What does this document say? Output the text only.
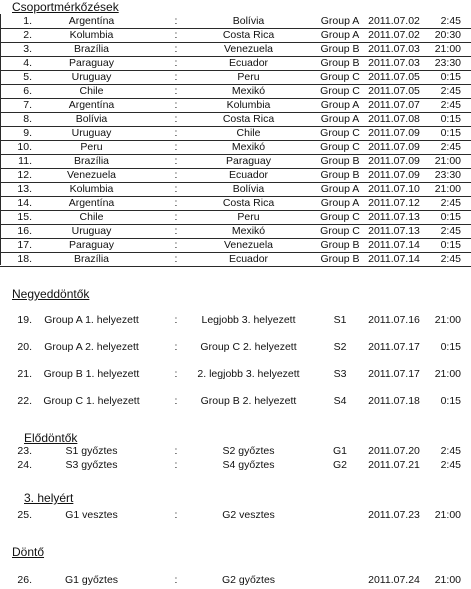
Csoportmérkőzések
1.	Argentína	:	Bolívia	Group A 2011.07.02	2:45
2.	Kolumbia	:	Costa Rica	Group A 2011.07.02	20:30
3.	Brazília	:	Venezuela	Group B 2011.07.03	21:00
4.	Paraguay	:	Ecuador	Group B 2011.07.03	23:30
5.	Uruguay	:	Peru	Group C 2011.07.05	0:15
6.	Chile	:	Mexikó	Group C 2011.07.05	2:45
7.	Argentína	:	Kolumbia	Group A 2011.07.07	2:45
8.	Bolívia	:	Costa Rica	Group A 2011.07.08	0:15
9.	Uruguay	:	Chile	Group C 2011.07.09	0:15
10.	Peru	:	Mexikó	Group C 2011.07.09	2:45
11.	Brazília	:	Paraguay	Group B 2011.07.09	21:00
12.	Venezuela	:	Ecuador	Group B 2011.07.09	23:30
13.	Kolumbia	:	Bolívia	Group A 2011.07.10	21:00
14.	Argentína	:	Costa Rica	Group A 2011.07.12	2:45
15.	Chile	:	Peru	Group C 2011.07.13	0:15
16.	Uruguay	:	Mexikó	Group C 2011.07.13	2:45
17.	Paraguay	:	Venezuela	Group B 2011.07.14	0:15
18.	Brazília	:	Ecuador	Group B 2011.07.14	2:45
Negyeddöntők
19.	Group A 1. helyezett	:	Legjobb 3. helyezett	S1	2011.07.16	21:00
20.	Group A 2. helyezett	:	Group C 2. helyezett	S2	2011.07.17	0:15
21.	Group B 1. helyezett	:	2. legjobb 3. helyezett	S3	2011.07.17	21:00
22.	Group C 1. helyezett	:	Group B 2. helyezett	S4	2011.07.18	0:15
Elődöntők
23.	S1 győztes	:	S2 győztes	G1	2011.07.20	2:45
24.	S3 győztes	:	S4 győztes	G2	2011.07.21	2:45
3. helyért
25.	G1 vesztes	:	G2 vesztes	2011.07.23	21:00
Döntő
26.	G1 győztes	:	G2 győztes	2011.07.24	21:00
